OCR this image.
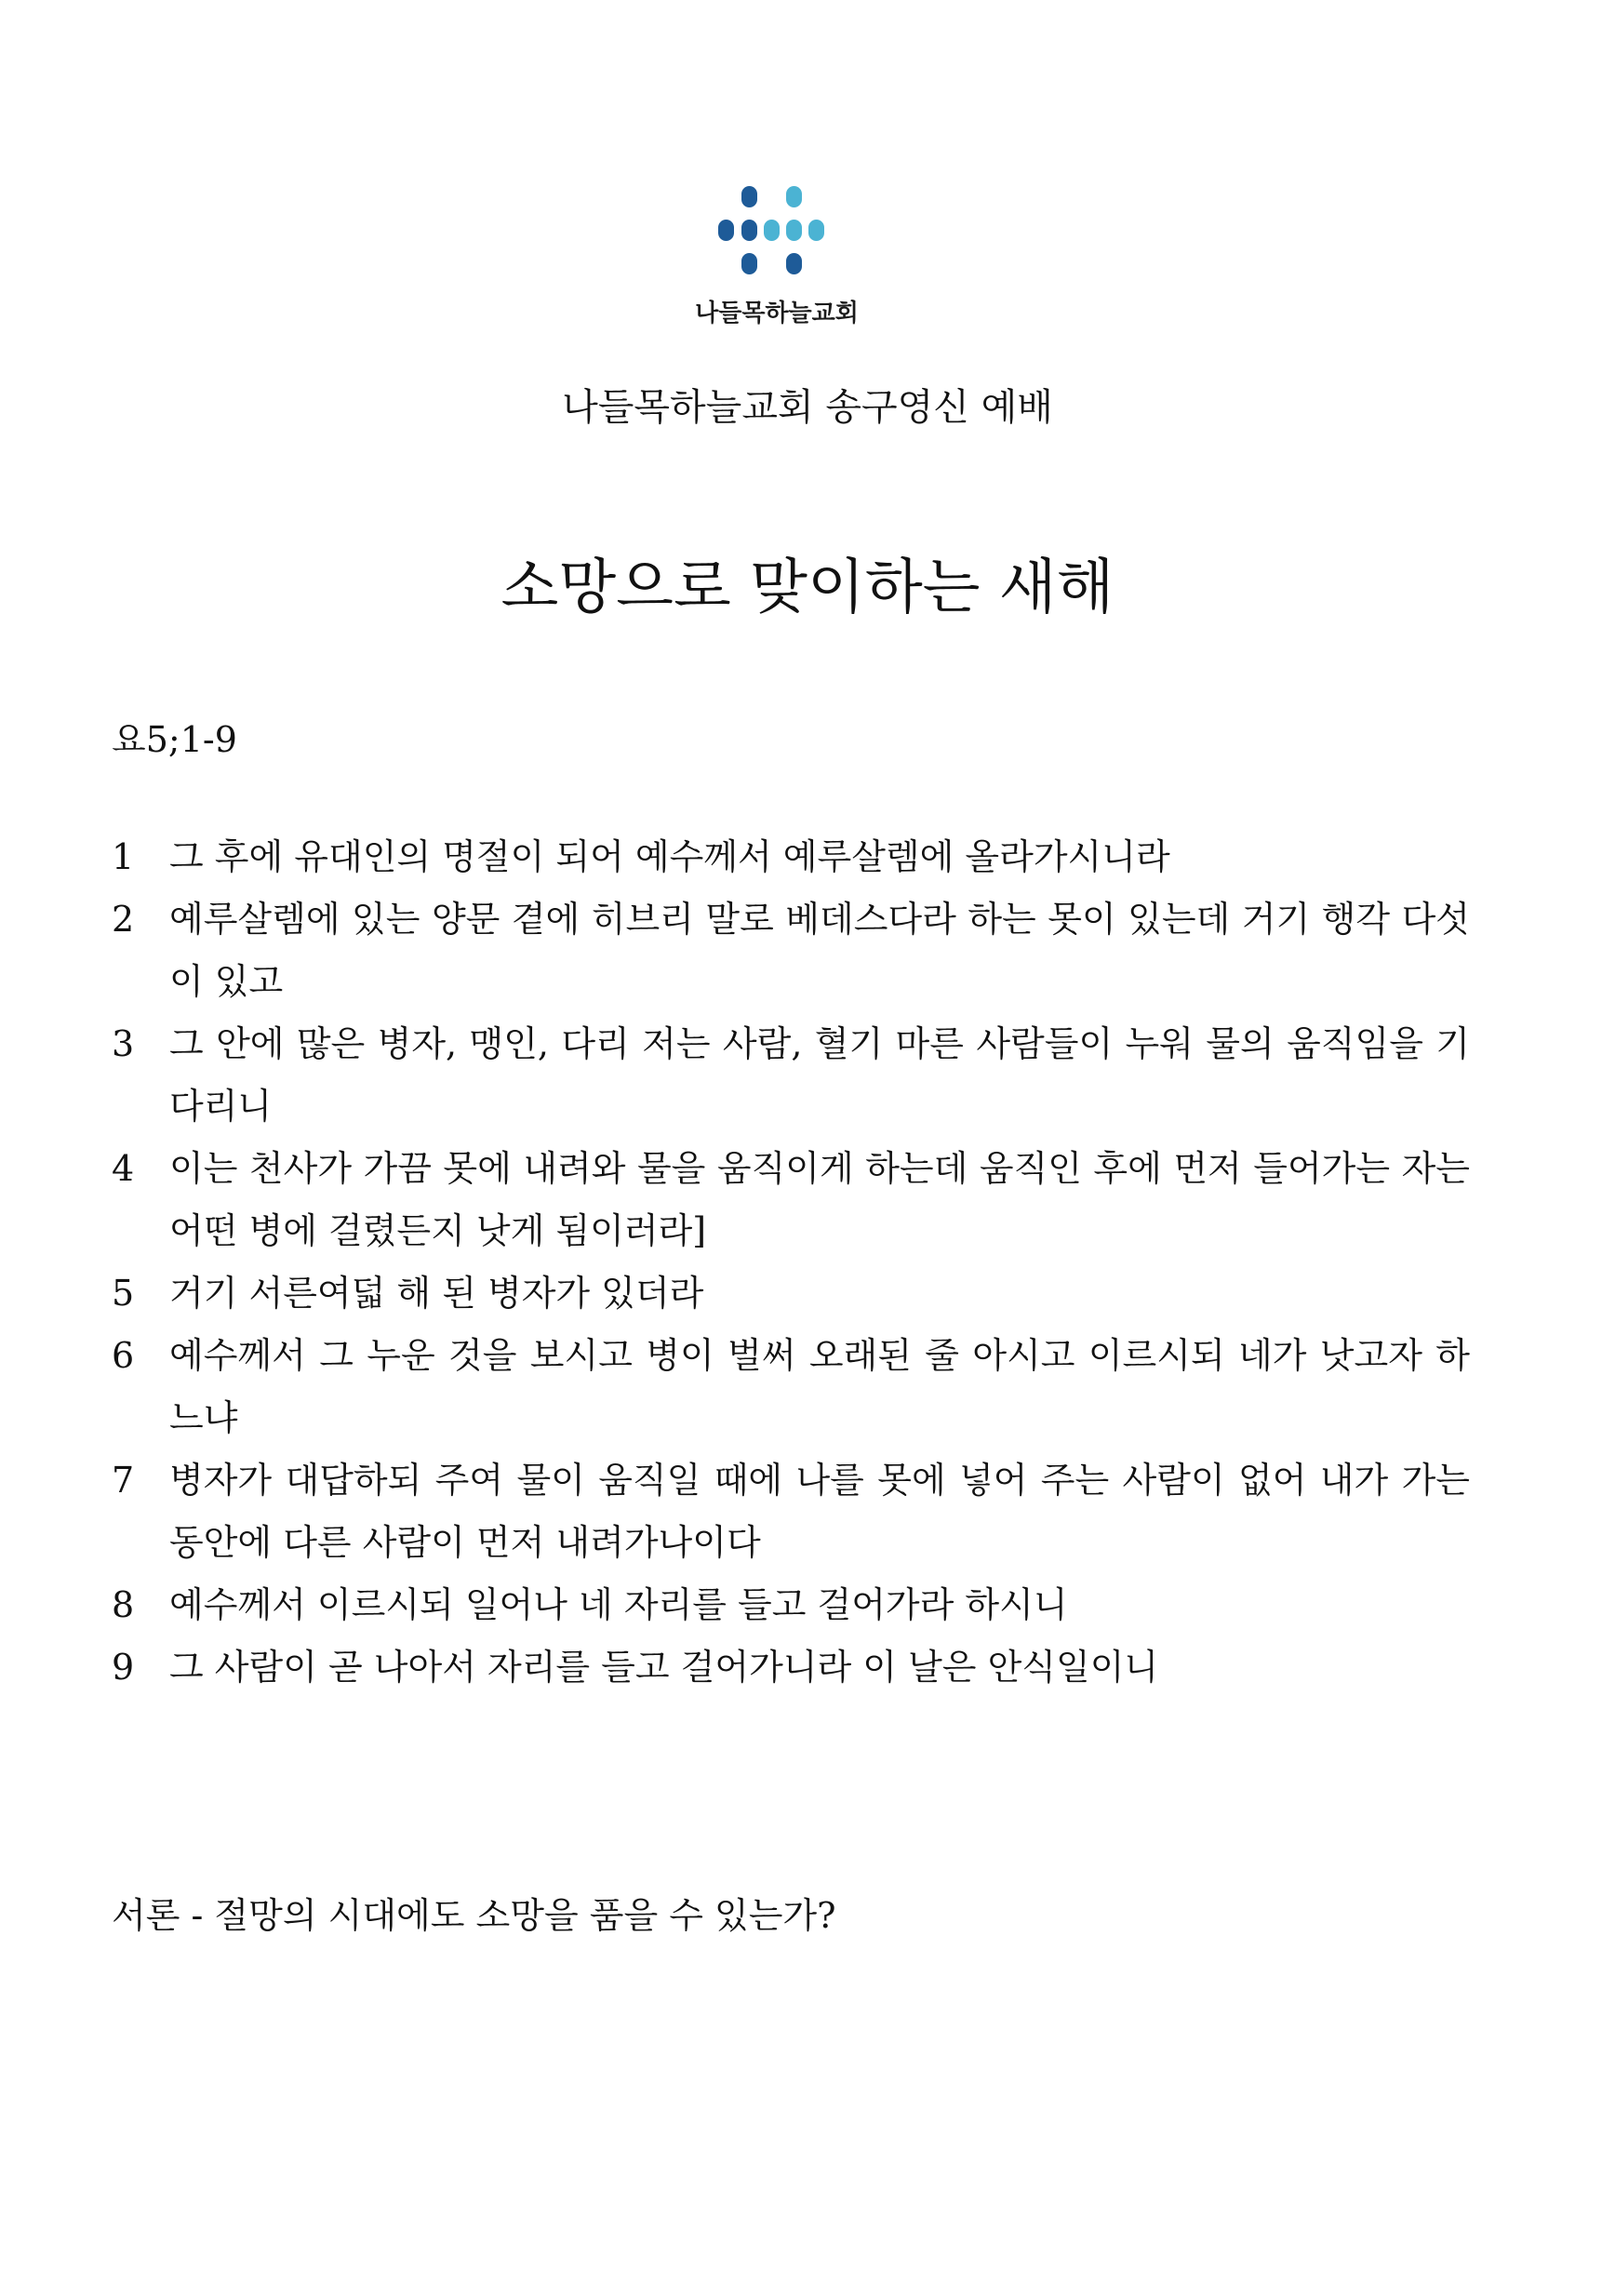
나들목하늘교회
나들목하늘교회 송구영신 예배
소망으로 맞이하는 새해
요5;1-9
1 그 후에 유대인의 명절이 되어 예수께서 예루살렘에 올라가시니라
2 예루살렘에 있는 양문 곁에 히브리 말로 베데스다라 하는 못이 있는데 거기 행각 다섯이 있고
3 그 안에 많은 병자, 맹인, 다리 저는 사람, 혈기 마른 사람들이 누워 물의 움직임을 기다리니
4 이는 천사가 가끔 못에 내려와 물을 움직이게 하는데 움직인 후에 먼저 들어가는 자는 어떤 병에 걸렸든지 낫게 됨이러라]
5 거기 서른여덟 해 된 병자가 있더라
6 예수께서 그 누운 것을 보시고 병이 벌써 오래된 줄 아시고 이르시되 네가 낫고자 하느냐
7 병자가 대답하되 주여 물이 움직일 때에 나를 못에 넣어 주는 사람이 없어 내가 가는 동안에 다른 사람이 먼저 내려가나이다
8 예수께서 이르시되 일어나 네 자리를 들고 걸어가라 하시니
9 그 사람이 곧 나아서 자리를 들고 걸어가니라 이 날은 안식일이니
서론 - 절망의 시대에도 소망을 품을 수 있는가?
